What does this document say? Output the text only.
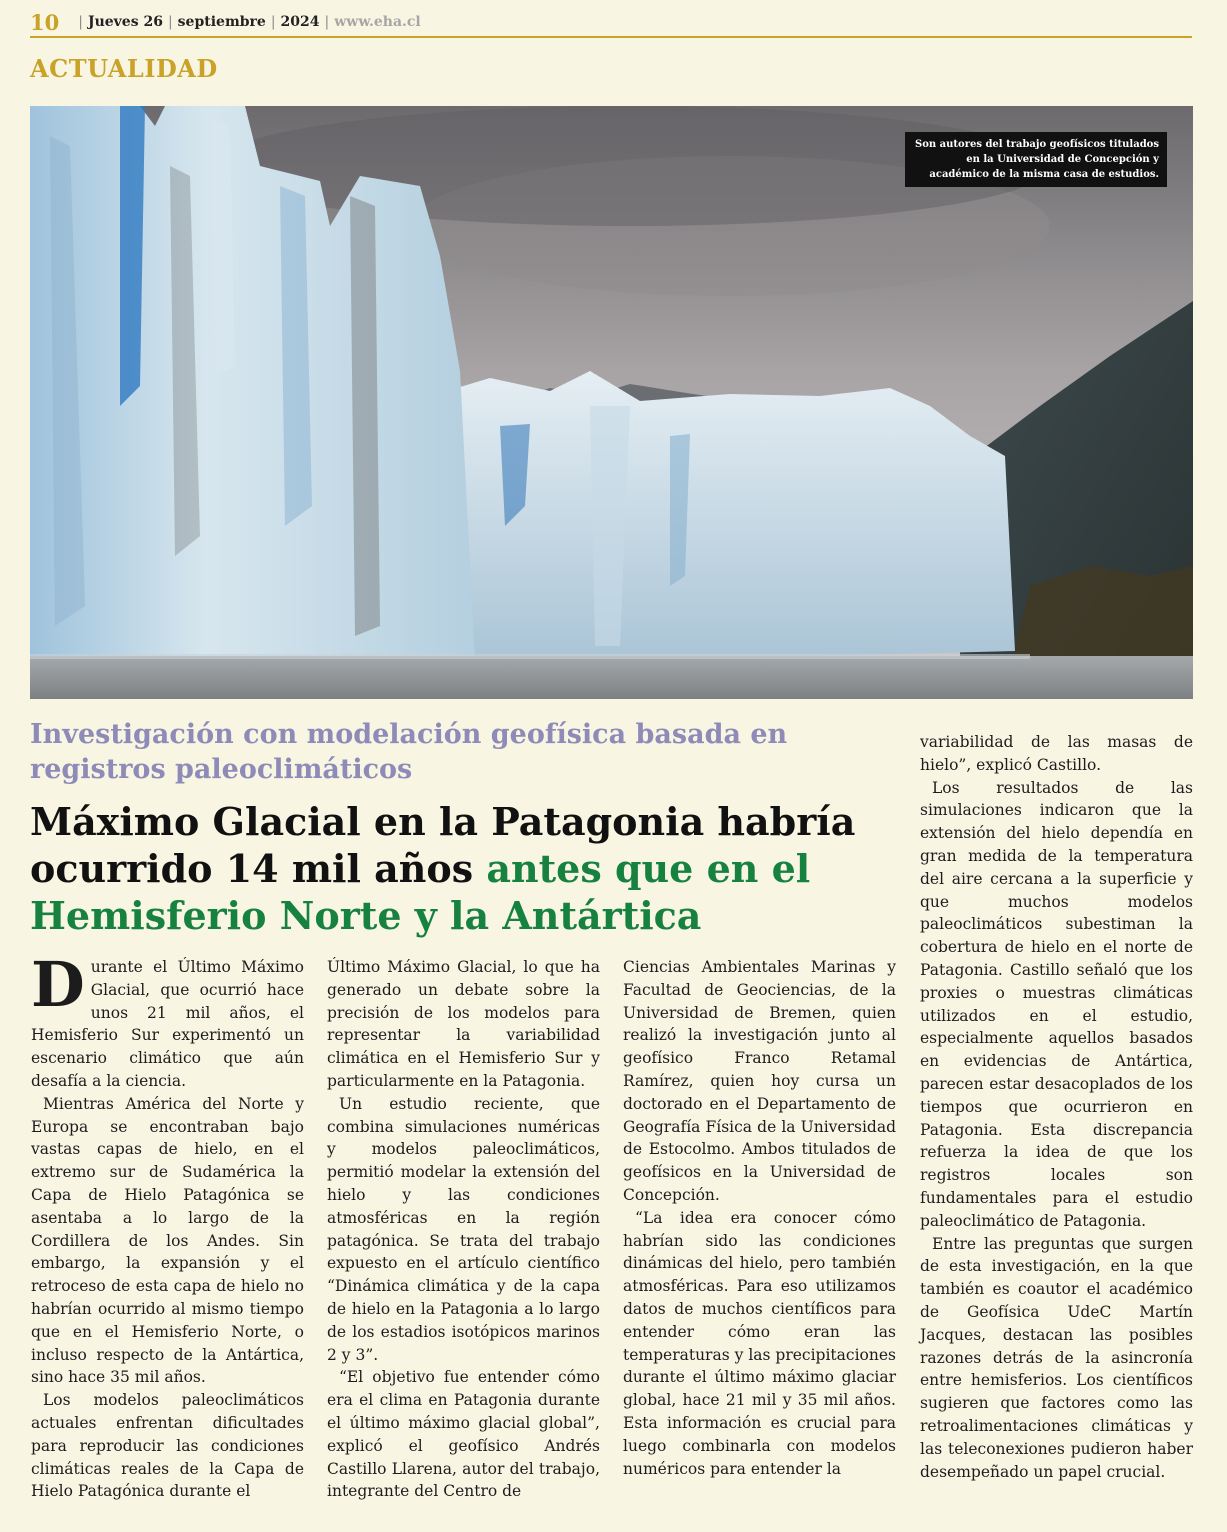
10 | Jueves 26 | septiembre | 2024 | www.eha.cl
ACTUALIDAD
Son autores del trabajo geofísicos titulados en la Universidad de Concepción y académico de la misma casa de estudios.
Investigación con modelación geofísica basada en registros paleoclimáticos
Máximo Glacial en la Patagonia habría ocurrido 14 mil años antes que en el Hemisferio Norte y la Antártica

Durante el Último Máximo Glacial, que ocurrió hace unos 21 mil años, el Hemisferio Sur experimentó un escenario climático que aún desafía a la ciencia.

Mientras América del Norte y Europa se encontraban bajo vastas capas de hielo, en el extremo sur de Sudamérica la Capa de Hielo Patagónica se asentaba a lo largo de la Cordillera de los Andes. Sin embargo, la expansión y el retroceso de esta capa de hielo no habrían ocurrido al mismo tiempo que en el Hemisferio Norte, o incluso respecto de la Antártica, sino hace 35 mil años.

Los modelos paleoclimáticos actuales enfrentan dificultades para reproducir las condiciones climáticas reales de la Capa de Hielo Patagónica durante el

Último Máximo Glacial, lo que ha generado un debate sobre la precisión de los modelos para representar la variabilidad climática en el Hemisferio Sur y particularmente en la Patagonia.

Un estudio reciente, que combina simulaciones numéricas y modelos paleoclimáticos, permitió modelar la extensión del hielo y las condiciones atmosféricas en la región patagónica. Se trata del trabajo expuesto en el artículo científico “Dinámica climática y de la capa de hielo en la Patagonia a lo largo de los estadios isotópicos marinos 2 y 3”.

“El objetivo fue entender cómo era el clima en Patagonia durante el último máximo glacial global”, explicó el geofísico Andrés Castillo Llarena, autor del trabajo, integrante del Centro de

Ciencias Ambientales Marinas y Facultad de Geociencias, de la Universidad de Bremen, quien realizó la investigación junto al geofísico Franco Retamal Ramírez, quien hoy cursa un doctorado en el Departamento de Geografía Física de la Universidad de Estocolmo. Ambos titulados de geofísicos en la Universidad de Concepción.

“La idea era conocer cómo habrían sido las condiciones dinámicas del hielo, pero también atmosféricas. Para eso utilizamos datos de muchos científicos para entender cómo eran las temperaturas y las precipitaciones durante el último máximo glaciar global, hace 21 mil y 35 mil años. Esta información es crucial para luego combinarla con modelos numéricos para entender la

variabilidad de las masas de hielo”, explicó Castillo.

Los resultados de las simulaciones indicaron que la extensión del hielo dependía en gran medida de la temperatura del aire cercana a la superficie y que muchos modelos paleoclimáticos subestiman la cobertura de hielo en el norte de Patagonia. Castillo señaló que los proxies o muestras climáticas utilizados en el estudio, especialmente aquellos basados en evidencias de Antártica, parecen estar desacoplados de los tiempos que ocurrieron en Patagonia. Esta discrepancia refuerza la idea de que los registros locales son fundamentales para el estudio paleoclimático de Patagonia.

Entre las preguntas que surgen de esta investigación, en la que también es coautor el académico de Geofísica UdeC Martín Jacques, destacan las posibles razones detrás de la asincronía entre hemisferios. Los científicos sugieren que factores como las retroalimentaciones climáticas y las teleconexiones pudieron haber desempeñado un papel crucial.
